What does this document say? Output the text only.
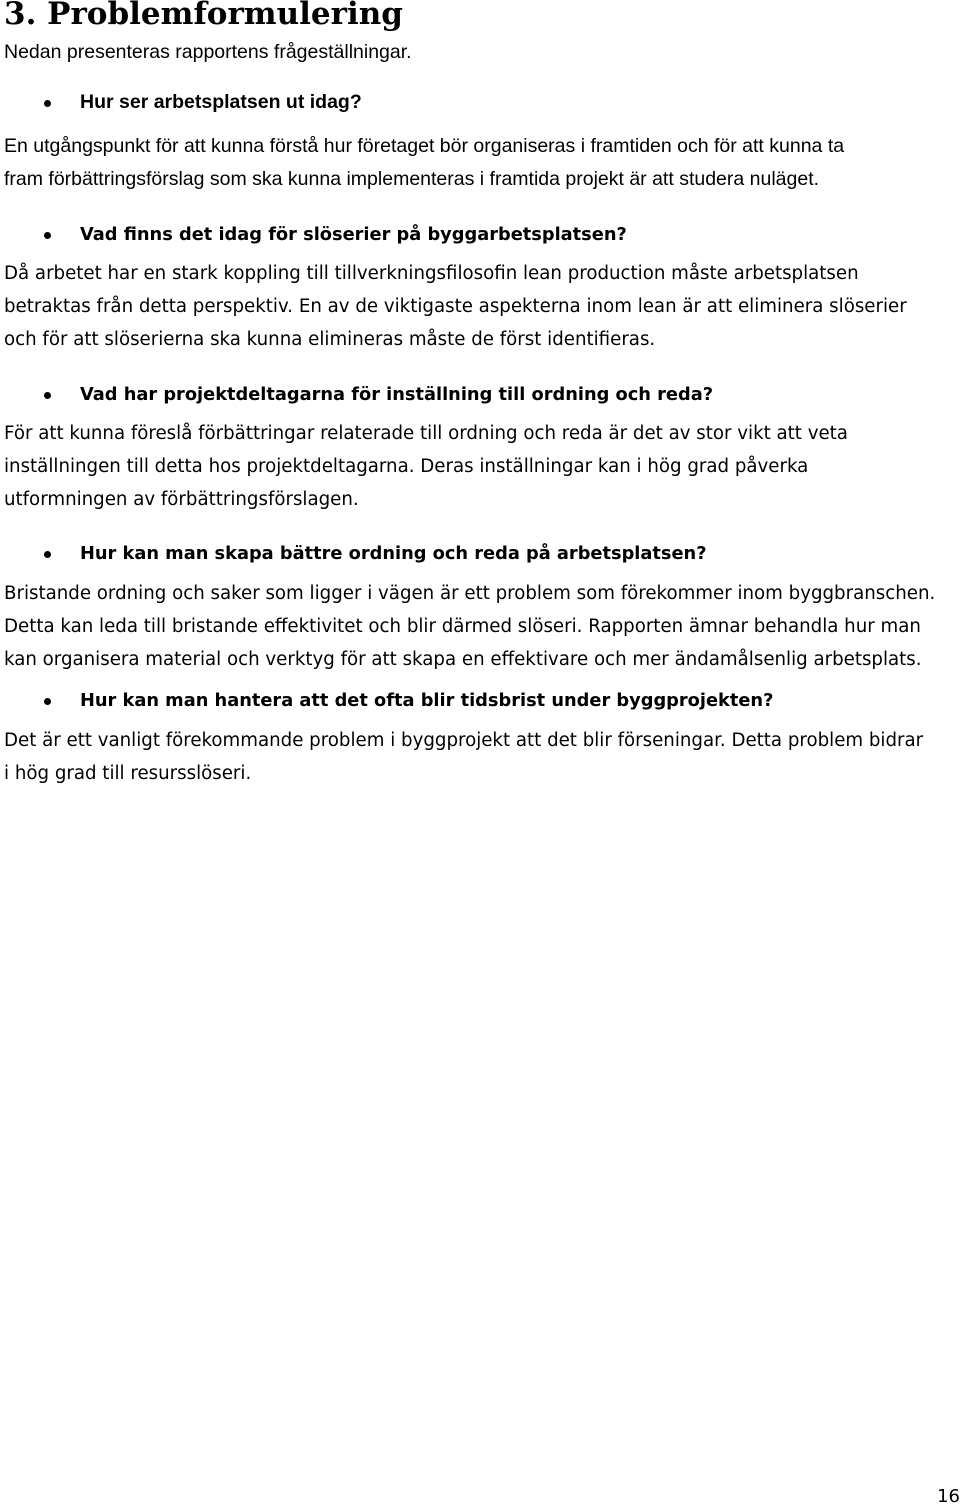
3. Problemformulering

Nedan presenteras rapportens frågeställningar.

Hur ser arbetsplatsen ut idag?

En utgångspunkt för att kunna förstå hur företaget bör organiseras i framtiden och för att kunna ta
fram förbättringsförslag som ska kunna implementeras i framtida projekt är att studera nuläget.

Vad finns det idag för slöserier på byggarbetsplatsen?

Då arbetet har en stark koppling till tillverkningsfilosofin lean production måste arbetsplatsen
betraktas från detta perspektiv. En av de viktigaste aspekterna inom lean är att eliminera slöserier
och för att slöserierna ska kunna elimineras måste de först identifieras.

Vad har projektdeltagarna för inställning till ordning och reda?

För att kunna föreslå förbättringar relaterade till ordning och reda är det av stor vikt att veta
inställningen till detta hos projektdeltagarna. Deras inställningar kan i hög grad påverka
utformningen av förbättringsförslagen.

Hur kan man skapa bättre ordning och reda på arbetsplatsen?

Bristande ordning och saker som ligger i vägen är ett problem som förekommer inom byggbranschen.
Detta kan leda till bristande effektivitet och blir därmed slöseri. Rapporten ämnar behandla hur man
kan organisera material och verktyg för att skapa en effektivare och mer ändamålsenlig arbetsplats.

Hur kan man hantera att det ofta blir tidsbrist under byggprojekten?

Det är ett vanligt förekommande problem i byggprojekt att det blir förseningar. Detta problem bidrar
i hög grad till resursslöseri.

16
